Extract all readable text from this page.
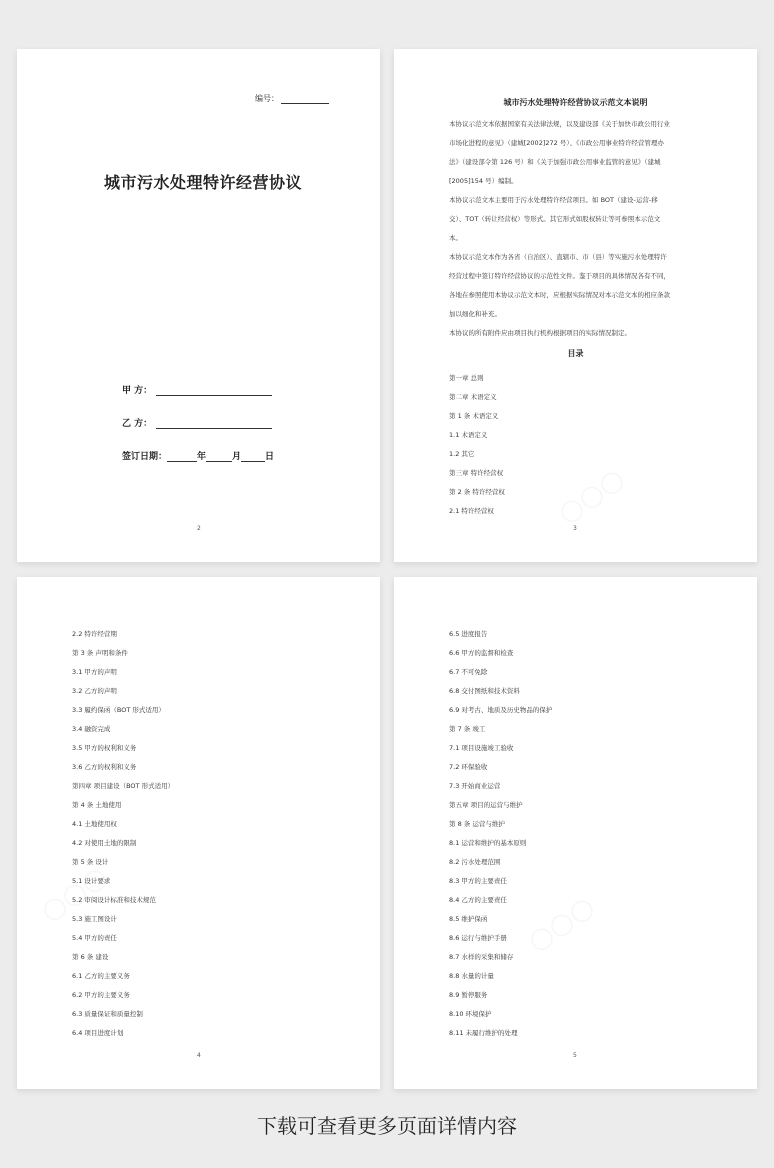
编号：
城市污水处理特许经营协议
甲 方：
乙 方：
签订日期：	年	月	日
2
城市污水处理特许经营协议示范文本说明
本协议示范文本依据国家有关法律法规，以及建设部《关于加快市政公用行业
市场化进程的意见》（建城[2002]272 号）、《市政公用事业特许经营管理办
法》（建设部令第 126 号）和《关于加强市政公用事业监管的意见》（建城
[2005]154 号）编制。
本协议示范文本主要用于污水处理特许经营项目。如 BOT（建设-运营-移
交）、TOT（转让经营权）等形式。其它形式如股权转让等可参照本示范文
本。
本协议示范文本作为各省（自治区）、直辖市、市（县）等实施污水处理特许
经营过程中签订特许经营协议的示范性文件。鉴于项目的具体情况各有不同，
各地在参照使用本协议示范文本时，应根据实际情况对本示范文本的相应条款
加以细化和补充。
本协议的所有附件应由项目执行机构根据项目的实际情况制定。
目录
第一章 总则
第二章 术语定义
第 1 条 术语定义
1.1 术语定义
1.2 其它
第三章 特许经营权
第 2 条 特许经营权
2.1 特许经营权
3
2.2 特许经营期
第 3 条 声明和条件
3.1 甲方的声明
3.2 乙方的声明
3.3 履约保函（BOT 形式适用）
3.4 融资完成
3.5 甲方的权利和义务
3.6 乙方的权利和义务
第四章 项目建设（BOT 形式适用）
第 4 条 土地使用
4.1 土地使用权
4.2 对使用土地的限制
第 5 条 设计
5.1 设计要求
5.2 审阅设计标准和技术规范
5.3 施工图设计
5.4 甲方的责任
第 6 条 建设
6.1 乙方的主要义务
6.2 甲方的主要义务
6.3 质量保证和质量控制
6.4 项目进度计划
4
6.5 进度报告
6.6 甲方的监督和检查
6.7 不可免除
6.8 交付图纸和技术资料
6.9 对考古、地质及历史物品的保护
第 7 条 竣工
7.1 项目设施竣工验收
7.2 环保验收
7.3 开始商业运营
第五章 项目的运营与维护
第 8 条 运营与维护
8.1 运营和维护的基本原则
8.2 污水处理范围
8.3 甲方的主要责任
8.4 乙方的主要责任
8.5 维护保函
8.6 运行与维护手册
8.7 水样的采集和储存
8.8 水量的计量
8.9 暂停服务
8.10 环境保护
8.11 未履行维护的处理
5
下载可查看更多页面详情内容
